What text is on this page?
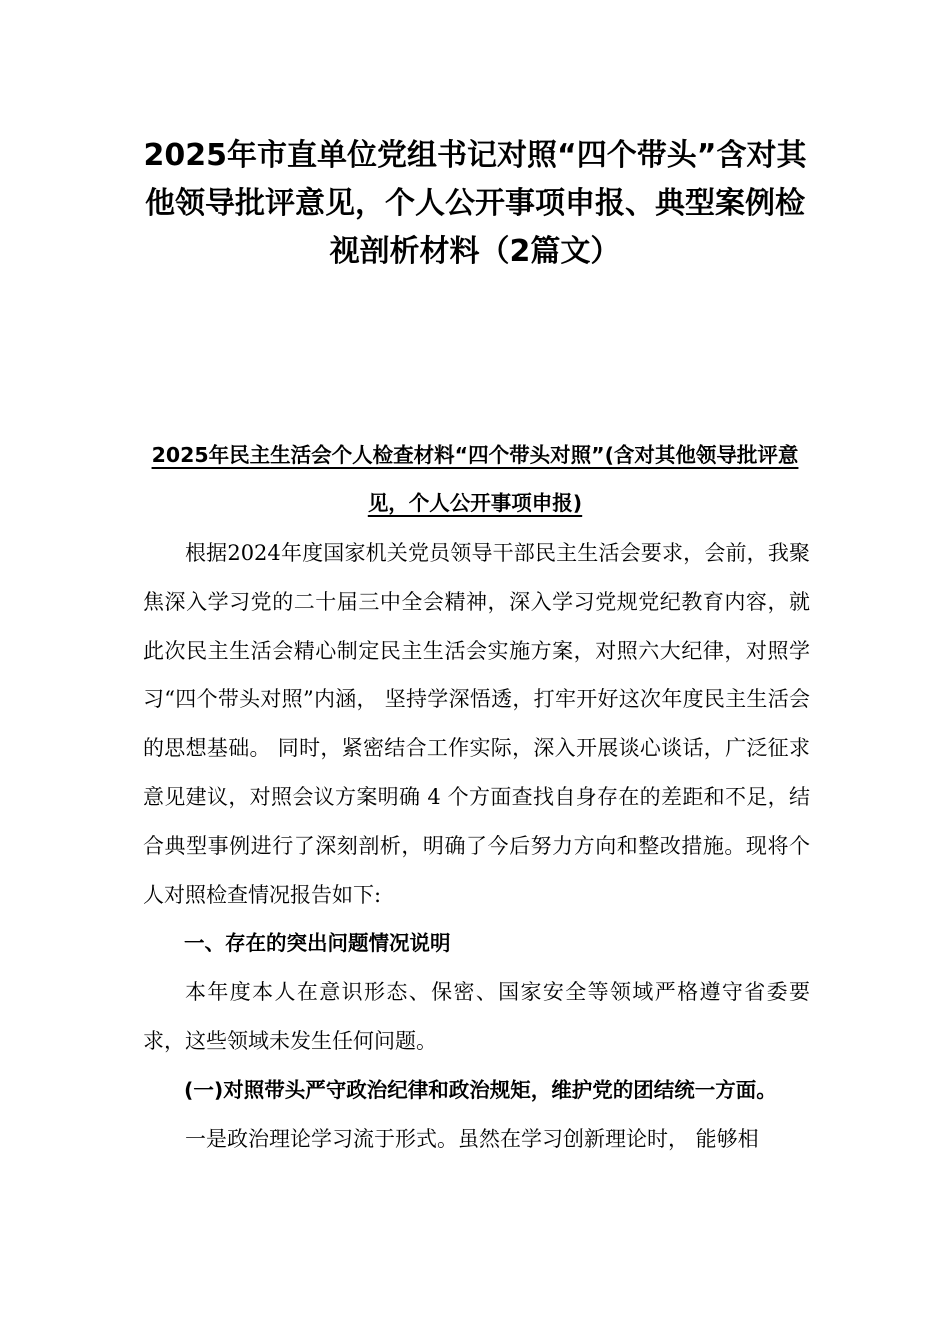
2025年市直单位党组书记对照“四个带头”含对其他领导批评意见，个人公开事项申报、典型案例检视剖析材料（2篇文）
2025年民主生活会个人检查材料“四个带头对照”(含对其他领导批评意见，个人公开事项申报)

根据2024年度国家机关党员领导干部民主生活会要求，会前，我聚焦深入学习党的二十届三中全会精神，深入学习党规党纪教育内容，就此次民主生活会精心制定民主生活会实施方案，对照六大纪律，对照学习“四个带头对照”内涵， 坚持学深悟透，打牢开好这次年度民主生活会的思想基础。 同时，紧密结合工作实际，深入开展谈心谈话，广泛征求意见建议，对照会议方案明确 4 个方面查找自身存在的差距和不足，结合典型事例进行了深刻剖析，明确了今后努力方向和整改措施。现将个人对照检查情况报告如下:

一、存在的突出问题情况说明

本年度本人在意识形态、保密、国家安全等领域严格遵守省委要求，这些领域未发生任何问题。

(一)对照带头严守政治纪律和政治规矩，维护党的团结统一方面。

一是政治理论学习流于形式。虽然在学习创新理论时， 能够相
